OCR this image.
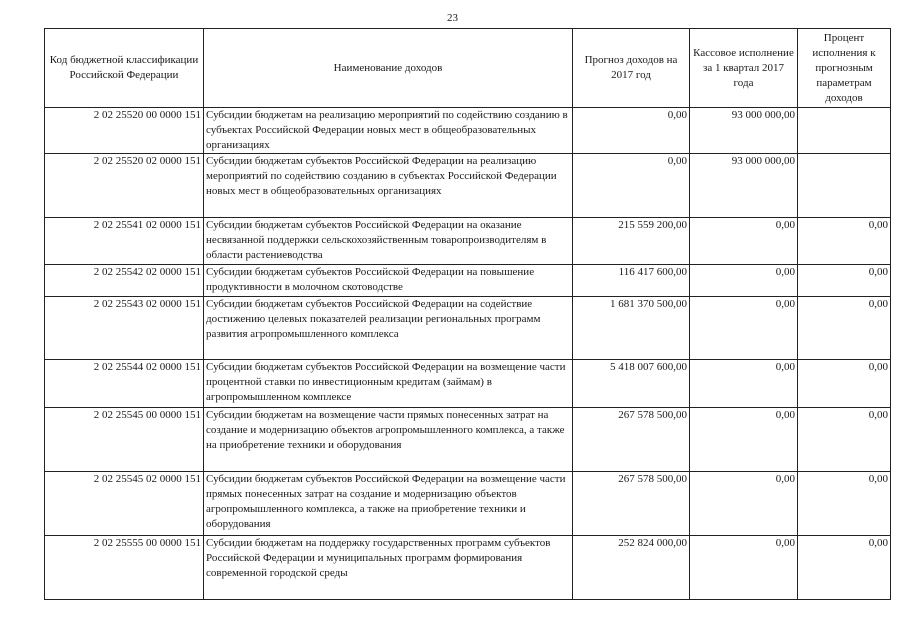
23
Код бюджетной классификации Российской Федерации	Наименование доходов	Прогноз доходов на 2017 год	Кассовое исполнение за 1 квартал 2017 года	Процент исполнения к прогнозным параметрам доходов
2 02 25520 00 0000 151	Субсидии бюджетам на реализацию мероприятий по содействию созданию в субъектах Российской Федерации новых мест в общеобразовательных организациях	0,00	93 000 000,00	
2 02 25520 02 0000 151	Субсидии бюджетам субъектов Российской Федерации на реализацию мероприятий по содействию созданию в субъектах Российской Федерации новых мест в общеобразовательных организациях	0,00	93 000 000,00	
2 02 25541 02 0000 151	Субсидии бюджетам субъектов Российской Федерации на оказание несвязанной поддержки сельскохозяйственным товаропроизводителям в области растениеводства	215 559 200,00	0,00	0,00
2 02 25542 02 0000 151	Субсидии бюджетам субъектов Российской Федерации на повышение продуктивности в молочном скотоводстве	116 417 600,00	0,00	0,00
2 02 25543 02 0000 151	Субсидии бюджетам субъектов Российской Федерации на содействие достижению целевых показателей реализации региональных программ развития агропромышленного комплекса	1 681 370 500,00	0,00	0,00
2 02 25544 02 0000 151	Субсидии бюджетам субъектов Российской Федерации на возмещение части процентной ставки по инвестиционным кредитам (займам) в агропромышленном комплексе	5 418 007 600,00	0,00	0,00
2 02 25545 00 0000 151	Субсидии бюджетам на возмещение части прямых понесенных затрат на создание и модернизацию объектов агропромышленного комплекса, а также на приобретение техники и оборудования	267 578 500,00	0,00	0,00
2 02 25545 02 0000 151	Субсидии бюджетам субъектов Российской Федерации на возмещение части прямых понесенных затрат на создание и модернизацию объектов агропромышленного комплекса, а также на приобретение техники и оборудования	267 578 500,00	0,00	0,00
2 02 25555 00 0000 151	Субсидии бюджетам на поддержку государственных программ субъектов Российской Федерации и муниципальных программ формирования современной городской среды	252 824 000,00	0,00	0,00
